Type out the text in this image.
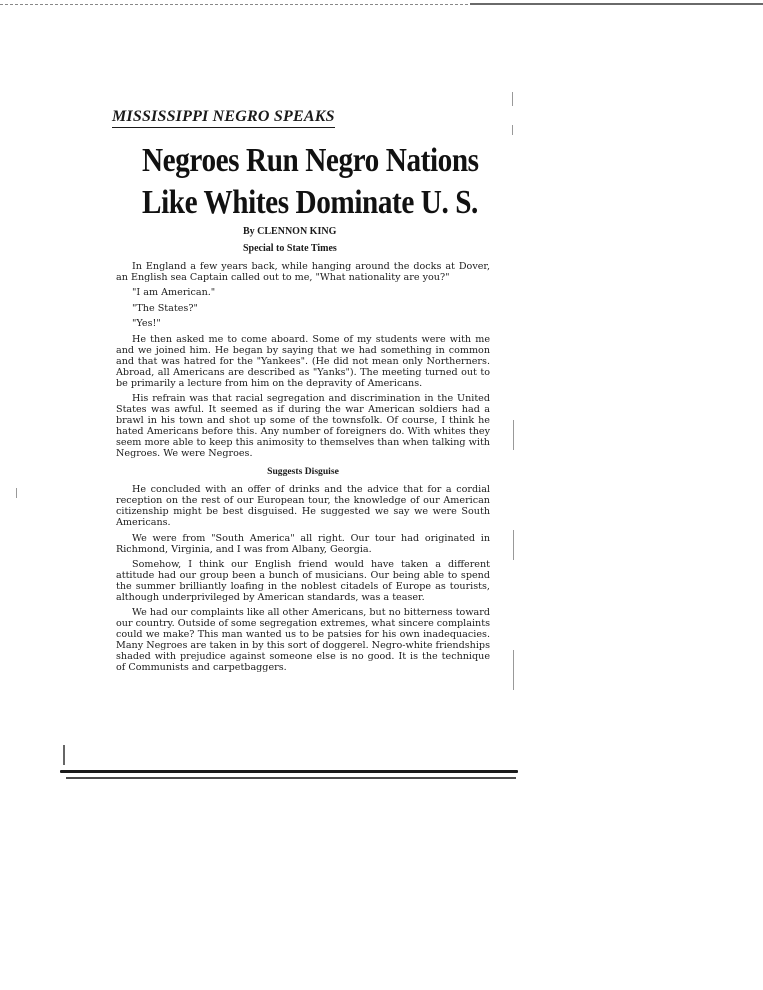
MISSISSIPPI NEGRO SPEAKS
Negroes Run Negro Nations
Like Whites Dominate U. S.
By CLENNON KING
Special to State Times

In England a few years back, while hanging around the docks at Dover, an English sea Captain called out to me, "What nationality are you?"

"I am American."

"The States?"

"Yes!"

He then asked me to come aboard. Some of my students were with me and we joined him. He began by saying that we had something in common and that was hatred for the "Yankees". (He did not mean only Northerners. Abroad, all Americans are described as "Yanks"). The meeting turned out to be primarily a lecture from him on the depravity of Americans.

His refrain was that racial segregation and discrimination in the United States was awful. It seemed as if during the war American soldiers had a brawl in his town and shot up some of the townsfolk. Of course, I think he hated Americans before this. Any number of foreigners do. With whites they seem more able to keep this animosity to themselves than when talking with Negroes. We were Negroes.

Suggests Disguise

He concluded with an offer of drinks and the advice that for a cordial reception on the rest of our European tour, the knowledge of our American citizenship might be best disguised. He suggested we say we were South Americans.

We were from "South America" all right. Our tour had originated in Richmond, Virginia, and I was from Albany, Georgia.

Somehow, I think our English friend would have taken a different attitude had our group been a bunch of musicians. Our being able to spend the summer brilliantly loafing in the noblest citadels of Europe as tourists, although underprivileged by American standards, was a teaser.

We had our complaints like all other Americans, but no bitterness toward our country. Outside of some segregation extremes, what sincere complaints could we make? This man wanted us to be patsies for his own inadequacies. Many Negroes are taken in by this sort of doggerel. Negro-white friendships shaded with prejudice against someone else is no good. It is the technique of Communists and carpetbaggers.
